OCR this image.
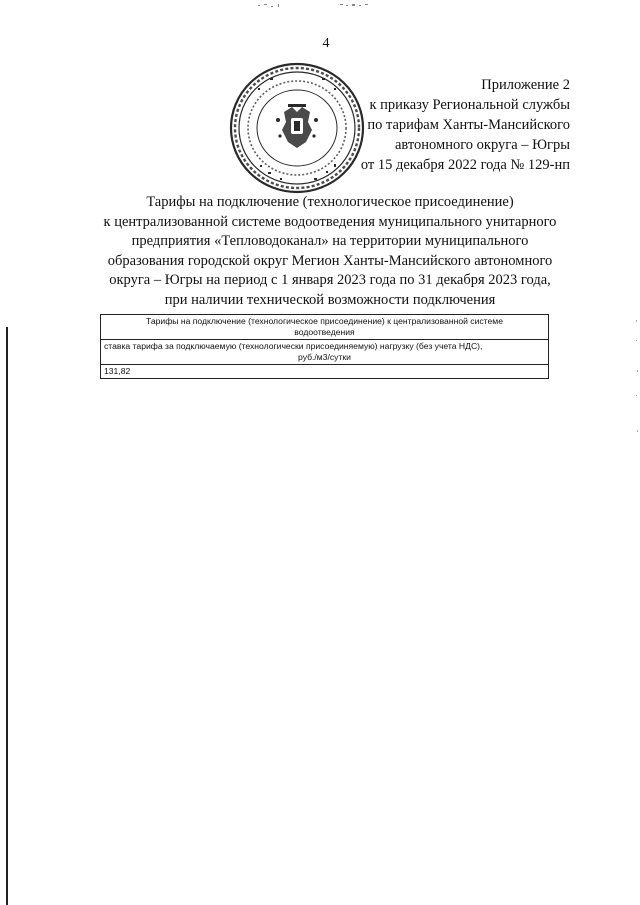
4
Приложение 2
к приказу Региональной службы
по тарифам Ханты-Мансийского
автономного округа – Югры
от 15 декабря 2022 года № 129-нп
Тарифы на подключение (технологическое присоединение)
к централизованной системе водоотведения муниципального унитарного
предприятия «Тепловодоканал» на территории муниципального
образования городской округ Мегион Ханты-Мансийского автономного
округа – Югры на период с 1 января 2023 года по 31 декабря 2023 года,
при наличии технической возможности подключения
Тарифы на подключение (технологическое присоединение) к централизованной системе
водоотведения

ставка тарифа за подключаемую (технологически присоединяемую) нагрузку (без учета НДС),
руб./м3/сутки

131,82
